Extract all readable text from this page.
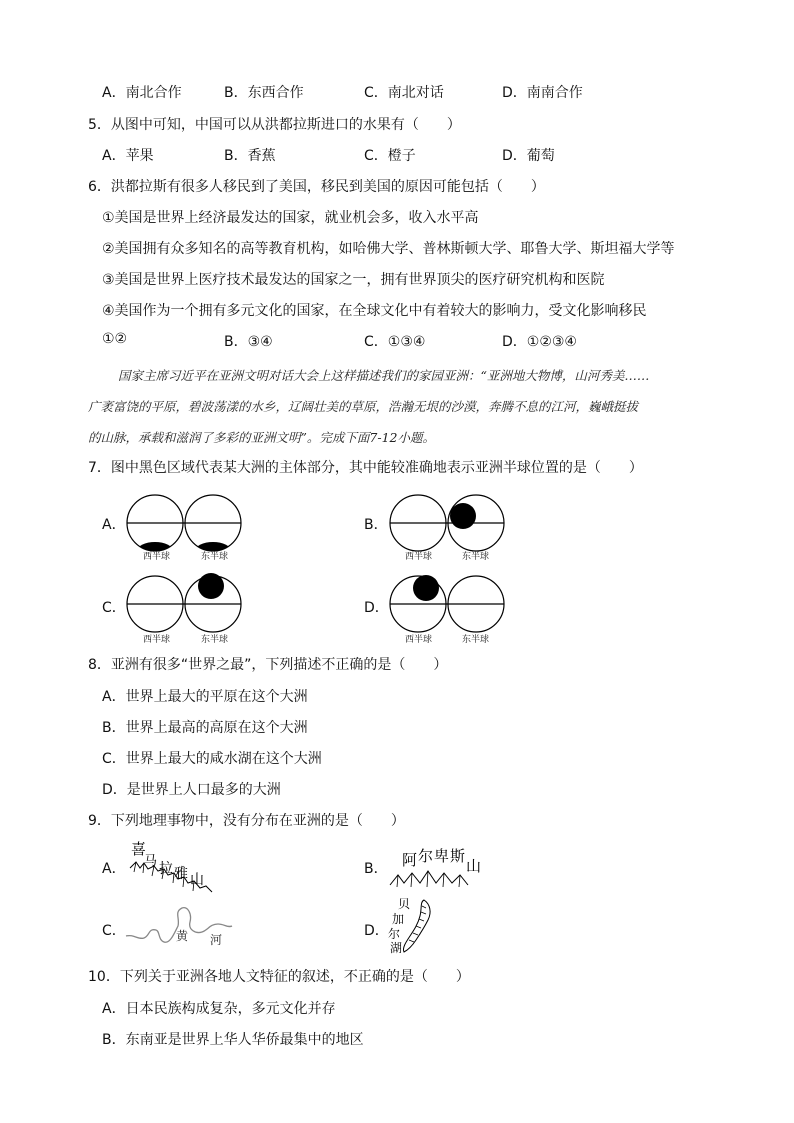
A．南北合作	B．东西合作	C．南北对话	D．南南合作
5．从图中可知，中国可以从洪都拉斯进口的水果有（　　）
A．苹果	B．香蕉	C．橙子	D．葡萄
6．洪都拉斯有很多人移民到了美国，移民到美国的原因可能包括（　　）
①美国是世界上经济最发达的国家，就业机会多，收入水平高
②美国拥有众多知名的高等教育机构，如哈佛大学、普林斯顿大学、耶鲁大学、斯坦福大学等
③美国是世界上医疗技术最发达的国家之一，拥有世界顶尖的医疗研究机构和医院
④美国作为一个拥有多元文化的国家，在全球文化中有着较大的影响力，受文化影响移民
①②	B．③④	C．①③④	D．①②③④
国家主席习近平在亚洲文明对话大会上这样描述我们的家园亚洲：“亚洲地大物博，山河秀美……
广袤富饶的平原，碧波荡漾的水乡，辽阔壮美的草原，浩瀚无垠的沙漠，奔腾不息的江河，巍峨挺拔
的山脉，承载和滋润了多彩的亚洲文明”。完成下面7-12小题。
7．图中黑色区域代表某大洲的主体部分，其中能较准确地表示亚洲半球位置的是（　　）
A．
西半球	东半球
B．
西半球	东半球
C．
西半球	东半球
D．
西半球	东半球
8．亚洲有很多“世界之最”，下列描述不正确的是（　　）
A．世界上最大的平原在这个大洲
B．世界上最高的高原在这个大洲
C．世界上最大的咸水湖在这个大洲
D．是世界上人口最多的大洲
9．下列地理事物中，没有分布在亚洲的是（　　）
A．
喜
马 拉 雅 山
B． 阿 尔 卑 斯
山
C．	黄 河
D．
贝
加
尔
湖
10．下列关于亚洲各地人文特征的叙述，不正确的是（　　）
A．日本民族构成复杂，多元文化并存
B．东南亚是世界上华人华侨最集中的地区
